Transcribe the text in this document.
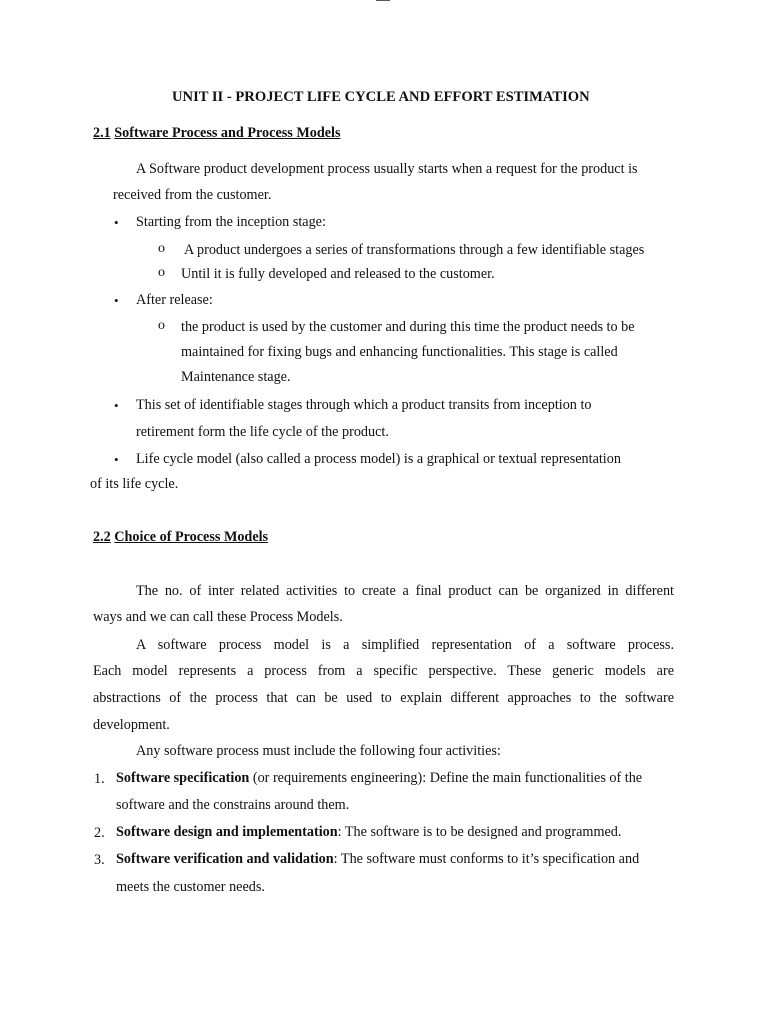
UNIT II - PROJECT LIFE CYCLE AND EFFORT ESTIMATION
2.1 Software Process and Process Models
A Software product development process usually starts when a request for the product is
received from the customer.
• Starting from the inception stage:
o A product undergoes a series of transformations through a few identifiable stages
o Until it is fully developed and released to the customer.
• After release:
o the product is used by the customer and during this time the product needs to be
maintained for fixing bugs and enhancing functionalities. This stage is called
Maintenance stage.
• This set of identifiable stages through which a product transits from inception to
retirement form the life cycle of the product.
• Life cycle model (also called a process model) is a graphical or textual representation
of its life cycle.
2.2 Choice of Process Models
The no. of inter related activities to create a final product can be organized in different
ways and we can call these Process Models.
A software process model is a simplified representation of a software process.
Each model represents a process from a specific perspective. These generic models are
abstractions of the process that can be used to explain different approaches to the software
development.
Any software process must include the following four activities:
1. Software specification (or requirements engineering): Define the main functionalities of the
software and the constrains around them.
2. Software design and implementation: The software is to be designed and programmed.
3. Software verification and validation: The software must conforms to it’s specification and
meets the customer needs.
